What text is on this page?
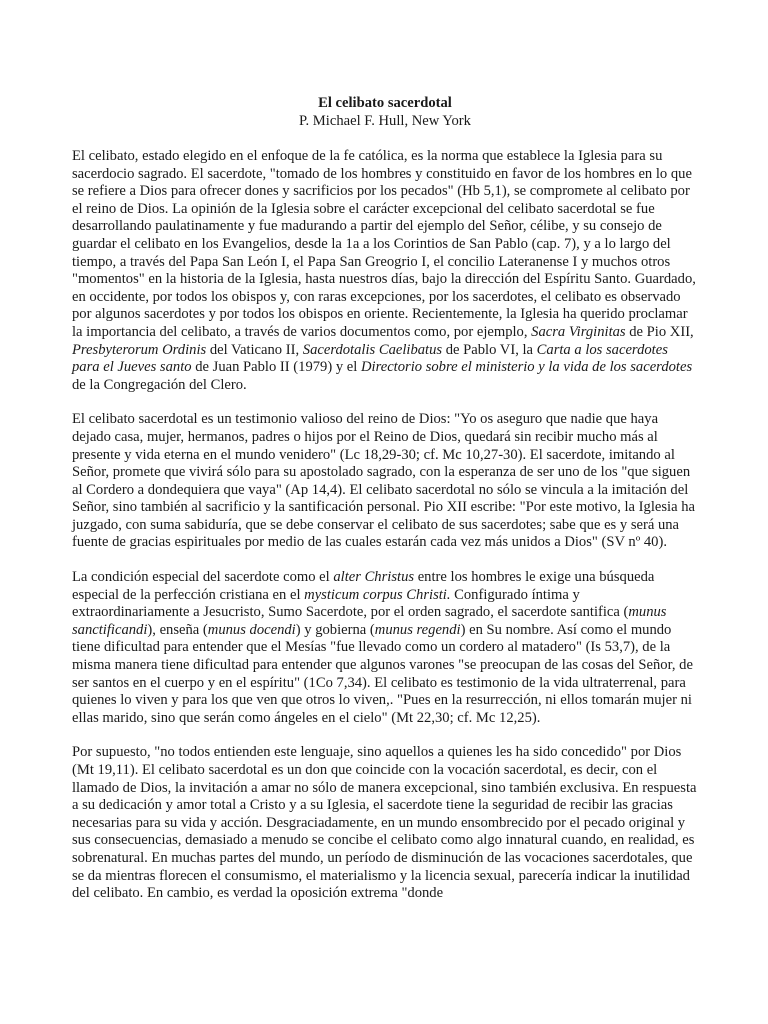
El celibato sacerdotal

P. Michael F. Hull, New York

El celibato, estado elegido en el enfoque de la fe católica, es la norma que establece la Iglesia para su sacerdocio sagrado. El sacerdote, "tomado de los hombres y constituido en favor de los hombres en lo que se refiere a Dios para ofrecer dones y sacrificios por los pecados" (Hb 5,1), se compromete al celibato por el reino de Dios. La opinión de la Iglesia sobre el carácter excepcional del celibato sacerdotal se fue desarrollando paulatinamente y fue madurando a partir del ejemplo del Señor, célibe, y su consejo de guardar el celibato en los Evangelios, desde la 1a a los Corintios de San Pablo (cap. 7), y a lo largo del tiempo, a través del Papa San León I, el Papa San Greogrio I, el concilio Lateranense I y muchos otros "momentos" en la historia de la Iglesia, hasta nuestros días, bajo la dirección del Espíritu Santo. Guardado, en occidente, por todos los obispos y, con raras excepciones, por los sacerdotes, el celibato es observado por algunos sacerdotes y por todos los obispos en oriente. Recientemente, la Iglesia ha querido proclamar la importancia del celibato, a través de varios documentos como, por ejemplo, Sacra Virginitas de Pio XII, Presbyterorum Ordinis del Vaticano II, Sacerdotalis Caelibatus de Pablo VI, la Carta a los sacerdotes para el Jueves santo de Juan Pablo II (1979) y el Directorio sobre el ministerio y la vida de los sacerdotes de la Congregación del Clero.

El celibato sacerdotal es un testimonio valioso del reino de Dios: "Yo os aseguro que nadie que haya dejado casa, mujer, hermanos, padres o hijos por el Reino de Dios, quedará sin recibir mucho más al presente y vida eterna en el mundo venidero" (Lc 18,29-30; cf. Mc 10,27-30). El sacerdote, imitando al Señor, promete que vivirá sólo para su apostolado sagrado, con la esperanza de ser uno de los "que siguen al Cordero a dondequiera que vaya" (Ap 14,4). El celibato sacerdotal no sólo se vincula a la imitación del Señor, sino también al sacrificio y la santificación personal. Pio XII escribe: "Por este motivo, la Iglesia ha juzgado, con suma sabiduría, que se debe conservar el celibato de sus sacerdotes; sabe que es y será una fuente de gracias espirituales por medio de las cuales estarán cada vez más unidos a Dios" (SV nº 40).

La condición especial del sacerdote como el alter Christus entre los hombres le exige una búsqueda especial de la perfección cristiana en el mysticum corpus Christi. Configurado íntima y extraordinariamente a Jesucristo, Sumo Sacerdote, por el orden sagrado, el sacerdote santifica (munus sanctificandi), enseña (munus docendi) y gobierna (munus regendi) en Su nombre. Así como el mundo tiene dificultad para entender que el Mesías "fue llevado como un cordero al matadero" (Is 53,7), de la misma manera tiene dificultad para entender que algunos varones "se preocupan de las cosas del Señor, de ser santos en el cuerpo y en el espíritu" (1Co 7,34). El celibato es testimonio de la vida ultraterrenal, para quienes lo viven y para los que ven que otros lo viven,. "Pues en la resurrección, ni ellos tomarán mujer ni ellas marido, sino que serán como ángeles en el cielo" (Mt 22,30; cf. Mc 12,25).

Por supuesto, "no todos entienden este lenguaje, sino aquellos a quienes les ha sido concedido" por Dios (Mt 19,11). El celibato sacerdotal es un don que coincide con la vocación sacerdotal, es decir, con el llamado de Dios, la invitación a amar no sólo de manera excepcional, sino también exclusiva. En respuesta a su dedicación y amor total a Cristo y a su Iglesia, el sacerdote tiene la seguridad de recibir las gracias necesarias para su vida y acción. Desgraciadamente, en un mundo ensombrecido por el pecado original y sus consecuencias, demasiado a menudo se concibe el celibato como algo innatural cuando, en realidad, es sobrenatural. En muchas partes del mundo, un período de disminución de las vocaciones sacerdotales, que se da mientras florecen el consumismo, el materialismo y la licencia sexual, parecería indicar la inutilidad del celibato. En cambio, es verdad la oposición extrema "donde
